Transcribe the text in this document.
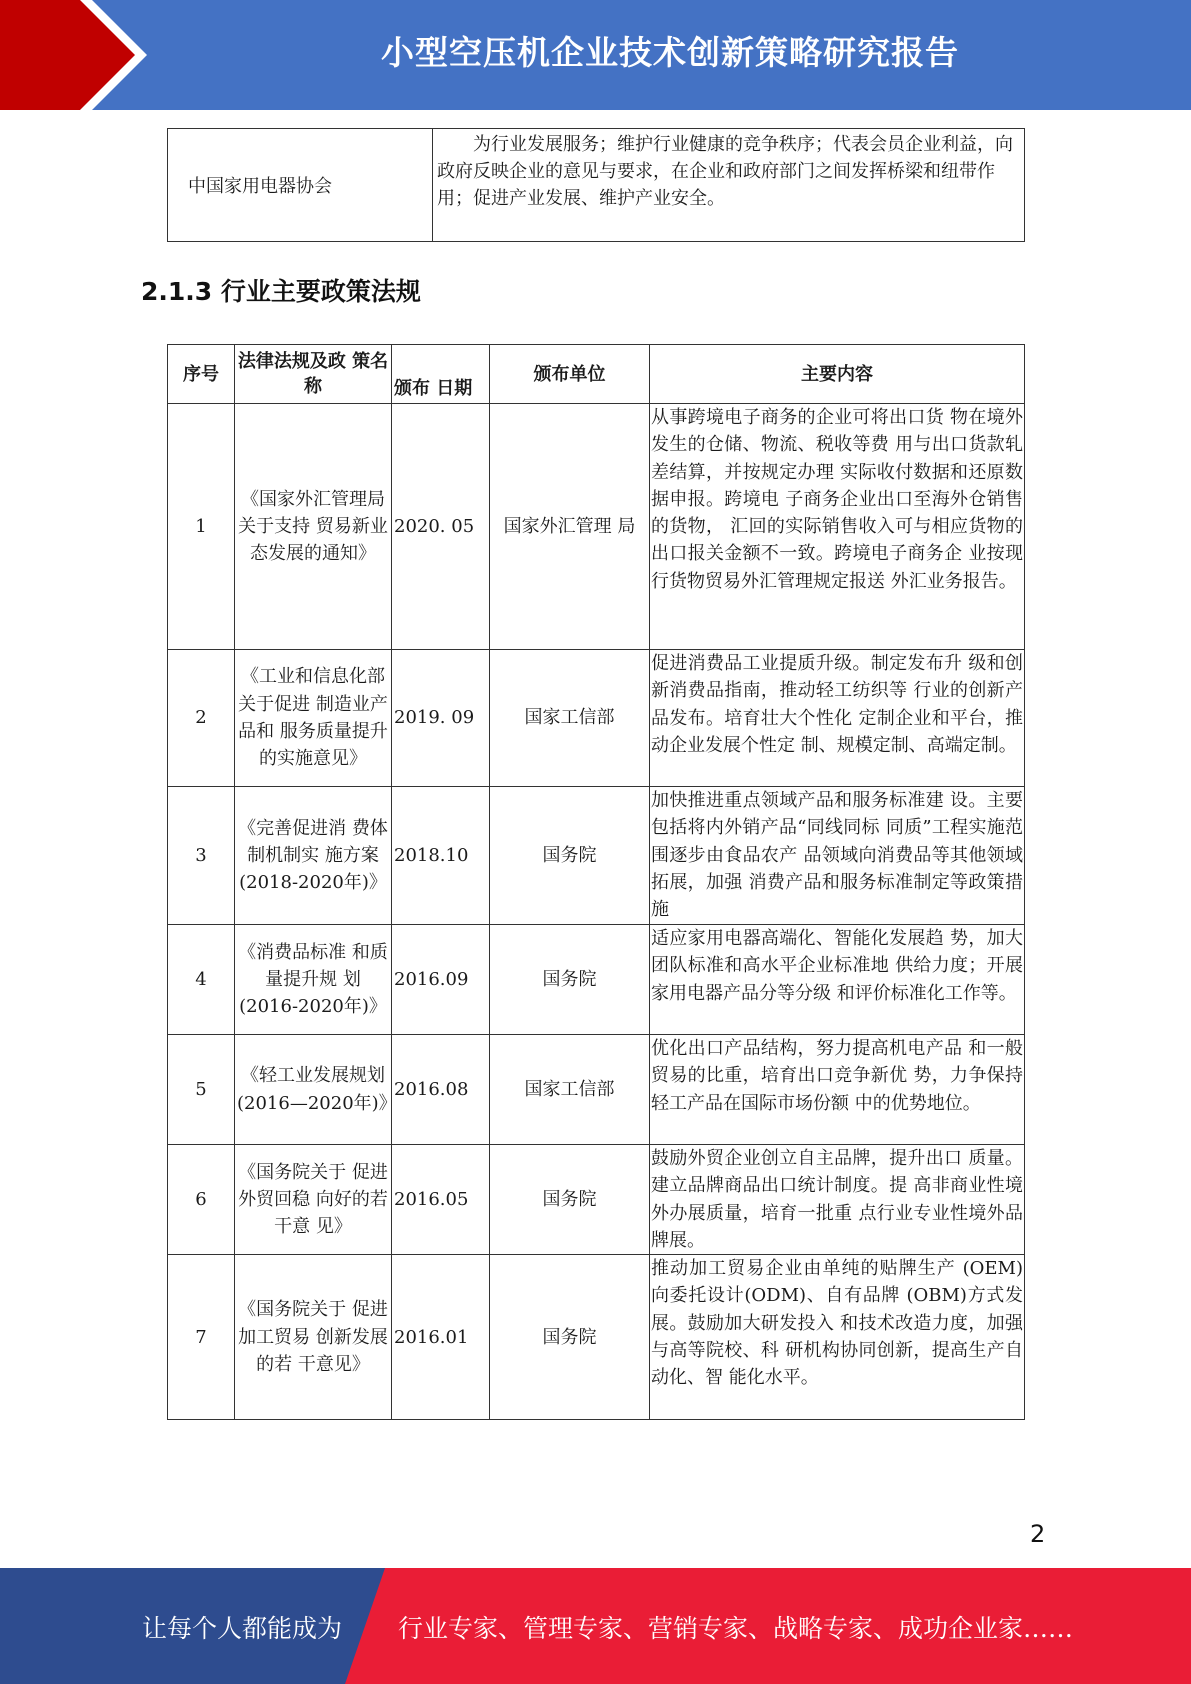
小型空压机企业技术创新策略研究报告
中国家用电器协会	为行业发展服务；维护行业健康的竞争秩序；代表会员企业利益，向政府反映企业的意见与要求，在企业和政府部门之间发挥桥梁和纽带作用；促进产业发展、维护产业安全。
2.1.3 行业主要政策法规
序号	法律法规及政 策名称	颁布 日期	颁布单位	主要内容
1	《国家外汇管理局关于支持 贸易新业态发展的通知》	2020. 05	国家外汇管理 局	从事跨境电子商务的企业可将出口货 物在境外发生的仓储、物流、税收等费 用与出口货款轧差结算，并按规定办理 实际收付数据和还原数据申报。跨境电 子商务企业出口至海外仓销售的货物， 汇回的实际销售收入可与相应货物的 出口报关金额不一致。跨境电子商务企 业按现行货物贸易外汇管理规定报送 外汇业务报告。
2	《工业和信息化部关于促进 制造业产品和 服务质量提升 的实施意见》	2019. 09	国家工信部	促进消费品工业提质升级。制定发布升 级和创新消费品指南，推动轻工纺织等 行业的创新产品发布。培育壮大个性化 定制企业和平台，推动企业发展个性定 制、规模定制、高端定制。
3	《完善促进消 费体制机制实 施方案(2018-2020年)》	2018.10	国务院	加快推进重点领域产品和服务标准建 设。主要包括将内外销产品“同线同标 同质”工程实施范围逐步由食品农产 品领域向消费品等其他领域拓展，加强 消费产品和服务标准制定等政策措施
4	《消费品标准 和质量提升规 划(2016-2020年)》	2016.09	国务院	适应家用电器高端化、智能化发展趋 势，加大团队标准和高水平企业标准地 供给力度；开展家用电器产品分等分级 和评价标准化工作等。
5	《轻工业发展规划(2016—2020年)》	2016.08	国家工信部	优化出口产品结构，努力提高机电产品 和一般贸易的比重，培育出口竞争新优 势，力争保持轻工产品在国际市场份额 中的优势地位。
6	《国务院关于 促进外贸回稳 向好的若干意 见》	2016.05	国务院	鼓励外贸企业创立自主品牌，提升出口 质量。建立品牌商品出口统计制度。提 高非商业性境外办展质量，培育一批重 点行业专业性境外品牌展。
7	《国务院关于 促进加工贸易 创新发展的若 干意见》	2016.01	国务院	推动加工贸易企业由单纯的贴牌生产 (OEM)向委托设计(ODM)、自有品牌 (OBM)方式发展。鼓励加大研发投入 和技术改造力度，加强与高等院校、科 研机构协同创新，提高生产自动化、智 能化水平。
2
让每个人都能成为 行业专家、管理专家、营销专家、战略专家、成功企业家……
